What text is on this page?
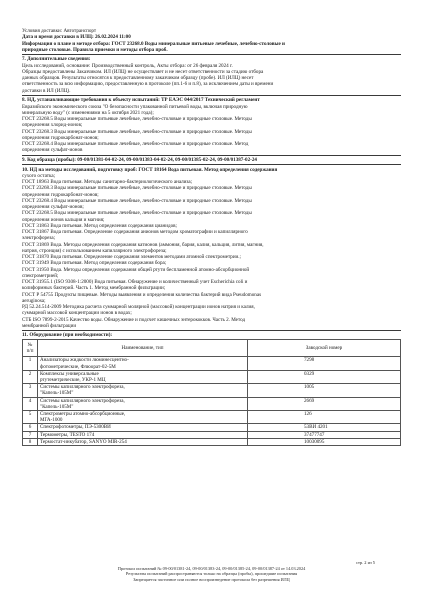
Условия доставки: Автотранспорт
Дата и время доставки в ИЛЦ: 26.02.2024 11:00
Информация о плане и методе отбора: ГОСТ 23268.0 Воды минеральные питьевые лечебные, лечебно-столовые и
природные столовые. Правила приемки и методы отбора проб.
7. Дополнительные сведения:
Цель исследований, основание: Производственный контроль, Акты отбора: от 26 февраля 2024 г.
Образцы предоставлены Заказчиком. ИЛ (ИЛЦ) не осуществляет и не несет ответственности за стадию отбора
данных образцов. Результаты относятся к предоставленному заказчиком образцу (пробе). ИЛ (ИЛЦ) несет
ответственность за всю информацию, предоставленную в протоколе (пп.1-6 и п.8), за исключением даты и времени
доставки в ИЛ (ИЛЦ).
8. НД, устанавливающие требования к объекту испытаний: ТР ЕАЭС 044/2017 Технический регламент
Евразийского экономического союза "О безопасности упакованной питьевой воды, включая природную
минеральную воду" (с изменениями на 5 октября 2021 года);
ГОСТ 23268.5 Воды минеральные питьевые лечебные, лечебно-столовые и природные столовые. Методы
определения хлорид-ионов;
ГОСТ 23268.3 Воды минеральные питьевые лечебные, лечебно-столовые и природные столовые. Методы
определения гидрокарбонат-ионов;
ГОСТ 23268.4 Воды минеральные питьевые лечебные, лечебно-столовые и природные столовые. Метод
определения сульфат-ионов
9. Код образца (пробы): 09-00/01381-04-02-24, 09-00/01383-04-02-24, 09-00/01385-02-24, 09-00/01387-02-24
10. НД на методы исследований, подготовку проб: ГОСТ 18164 Вода питьевая. Метод определения содержания
сухого остатка;
ГОСТ 18963 Вода питьевая. Методы санитарно-бактериологического анализа;
ГОСТ 23268.3 Воды минеральные питьевые лечебные, лечебно-столовые и природные столовые. Методы
определения гидрокарбонат-ионов;
ГОСТ 23268.4 Воды минеральные питьевые лечебные, лечебно-столовые и природные столовые. Методы
определения сульфат-ионов;
ГОСТ 23268.5 Воды минеральные питьевые лечебные, лечебно-столовые и природные столовые. Методы
определения ионов кальция и магния;
ГОСТ 31863 Вода питьевая. Метод определения содержания цианидов;
ГОСТ 31867 Вода питьевая. Определение содержания анионов методом хроматографии и капиллярного
электрофореза;
ГОСТ 31869 Вода. Методы определения содержания катионов (аммония, бария, калия, кальция, лития, магния,
натрия, стронция) с использованием капиллярного электрофореза;
ГОСТ 31870 Вода питьевая. Определение содержания элементов методами атомной спектрометрии.;
ГОСТ 31949 Вода питьевая. Метод определения содержания бора;
ГОСТ 31950 Вода. Методы определения содержания общей ртути беспламенной атомно-абсорбционной
спектрометрией;
ГОСТ 31955.1 (ISO 9308-1:2000) Вода питьевая. Обнаружение и количественный учет Escherichia coli и
колиформных бактерий. Часть 1. Метод мембранной фильтрации;
ГОСТ Р 54755 Продукты пищевые. Методы выявления и определения количества бактерий вида Pseudomonas
aeruginosa;
РД 52.24.514-2009 Методика расчета суммарной молярной (массовой) концентрации ионов натрия и калия,
суммарной массовой концентрации ионов в водах;
СТБ ISO 7899-2-2015 Качество воды. Обнаружение и подсчет кишечных энтерококков. Часть 2. Метод
мембранной фильтрации
11. Оборудование (при необходимости):
№ п/п	Наименование, тип	Заводской номер
1	Анализаторы жидкости люминесцентно-
фотометрические, Флюорат-02-5М	7298
2	Комплексы универсальные
ртутеметрические, УКР-1 МЦ	0329
3	Системы капиллярного электрофореза,
"Капель-105М"	1005
4	Системы капиллярного электрофореза,
"Капель-105М"	2669
5	Спектрометры атомно-абсорбционные,
МГА-1000	126
6	Спектрофотометры, ПЭ-5300ВИ	53ВИ 4201
7	Термометры, TESTO 174	37477747
8	Термостат-инкубатор, SANYO MIR-254	10030095
стр. 2 из 5
Протокол испытаний № 09-00/01381-24, 09-00/01383-24, 09-00/01385-24, 09-00/01387-24 от 14.03.2024
Результаты испытаний распространяются только на образцы (пробы), прошедшие испытания
Запрещается частичное или полное воспроизведение протокола без разрешения ИЛЦ
